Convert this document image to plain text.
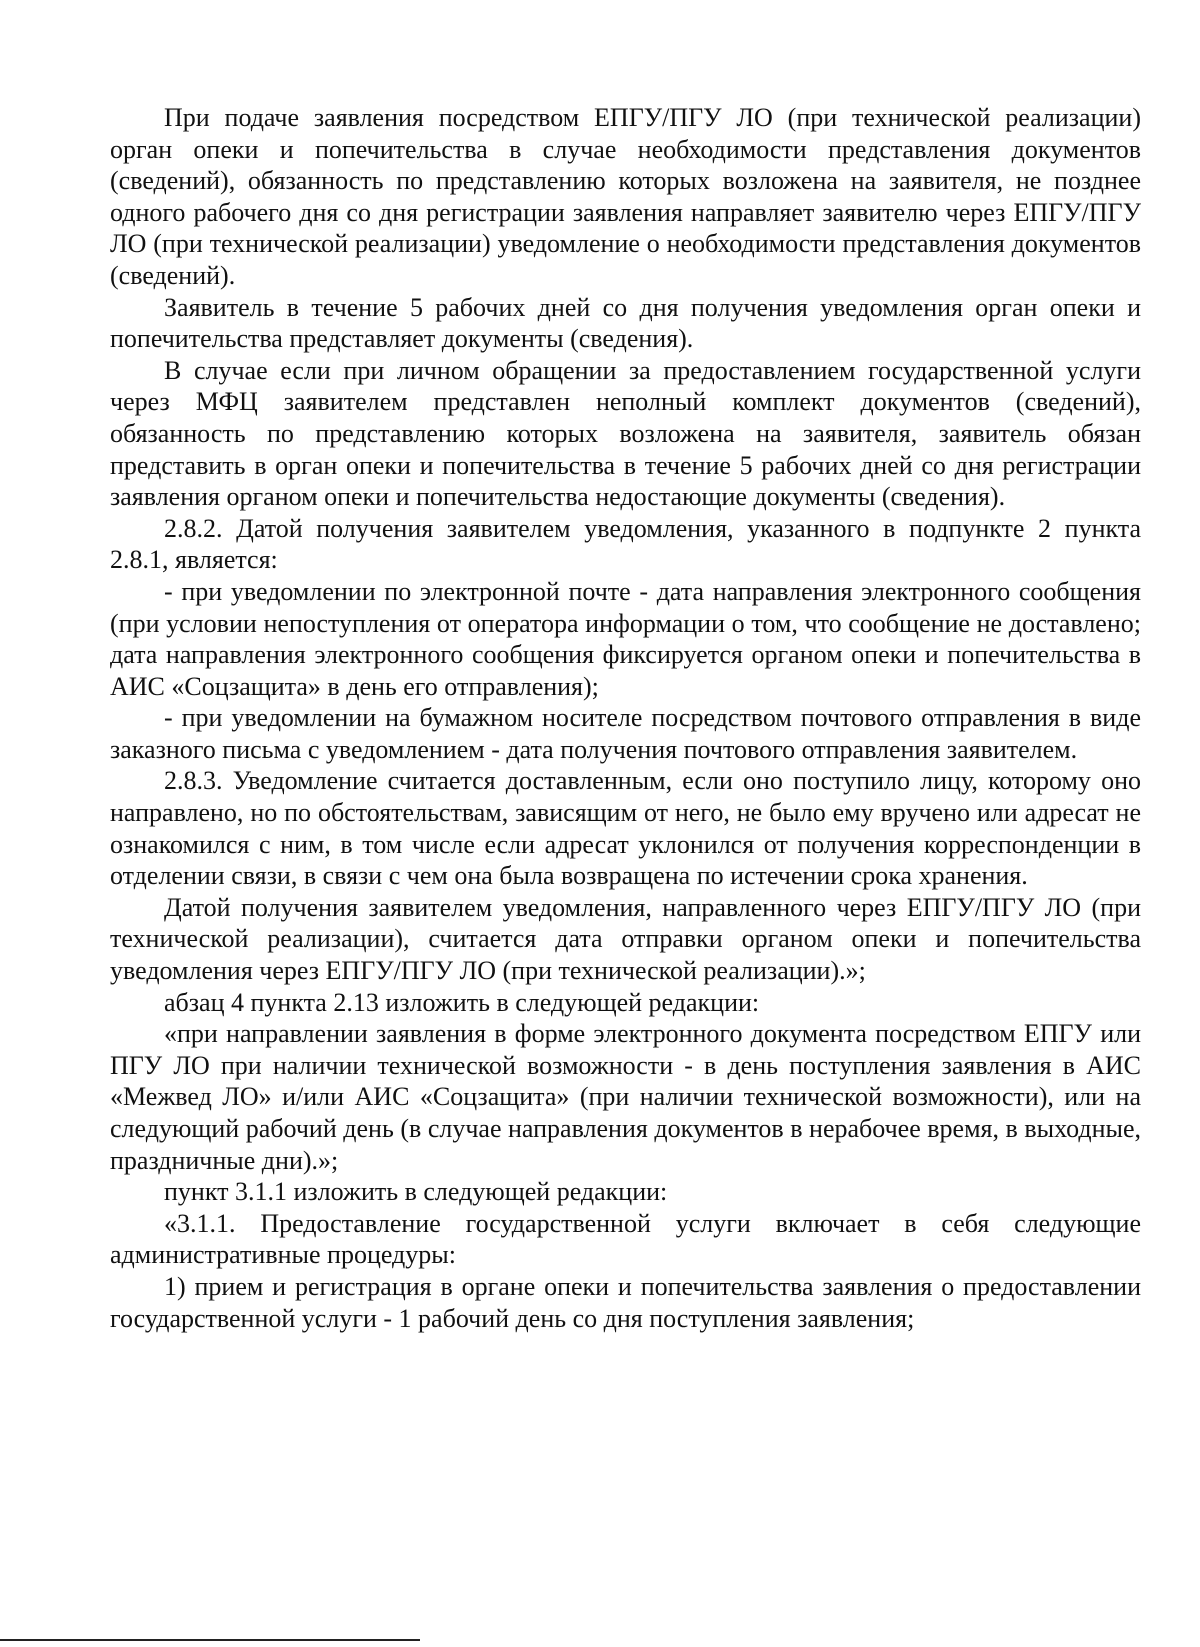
При подаче заявления посредством ЕПГУ/ПГУ ЛО (при технической реализации) орган опеки и попечительства в случае необходимости представления документов (сведений), обязанность по представлению которых возложена на заявителя, не позднее одного рабочего дня со дня регистрации заявления направляет заявителю через ЕПГУ/ПГУ ЛО (при технической реализации) уведомление о необходимости представления документов (сведений).

Заявитель в течение 5 рабочих дней со дня получения уведомления орган опеки и попечительства представляет документы (сведения).

В случае если при личном обращении за предоставлением государственной услуги через МФЦ заявителем представлен неполный комплект документов (сведений), обязанность по представлению которых возложена на заявителя, заявитель обязан представить в орган опеки и попечительства в течение 5 рабочих дней со дня регистрации заявления органом опеки и попечительства недостающие документы (сведения).

2.8.2. Датой получения заявителем уведомления, указанного в подпункте 2 пункта 2.8.1, является:

- при уведомлении по электронной почте - дата направления электронного сообщения (при условии непоступления от оператора информации о том, что сообщение не доставлено; дата направления электронного сообщения фиксируется органом опеки и попечительства в АИС «Соцзащита» в день его отправления);

- при уведомлении на бумажном носителе посредством почтового отправления в виде заказного письма с уведомлением - дата получения почтового отправления заявителем.

2.8.3. Уведомление считается доставленным, если оно поступило лицу, которому оно направлено, но по обстоятельствам, зависящим от него, не было ему вручено или адресат не ознакомился с ним, в том числе если адресат уклонился от получения корреспонденции в отделении связи, в связи с чем она была возвращена по истечении срока хранения.

Датой получения заявителем уведомления, направленного через ЕПГУ/ПГУ ЛО (при технической реализации), считается дата отправки органом опеки и попечительства уведомления через ЕПГУ/ПГУ ЛО (при технической реализации).»;

абзац 4 пункта 2.13 изложить в следующей редакции:

«при направлении заявления в форме электронного документа посредством ЕПГУ или ПГУ ЛО при наличии технической возможности - в день поступления заявления в АИС «Межвед ЛО» и/или АИС «Соцзащита» (при наличии технической возможности), или на следующий рабочий день (в случае направления документов в нерабочее время, в выходные, праздничные дни).»;

пункт 3.1.1 изложить в следующей редакции:

«3.1.1. Предоставление государственной услуги включает в себя следующие административные процедуры:

1) прием и регистрация в органе опеки и попечительства заявления о предоставлении государственной услуги - 1 рабочий день со дня поступления заявления;
